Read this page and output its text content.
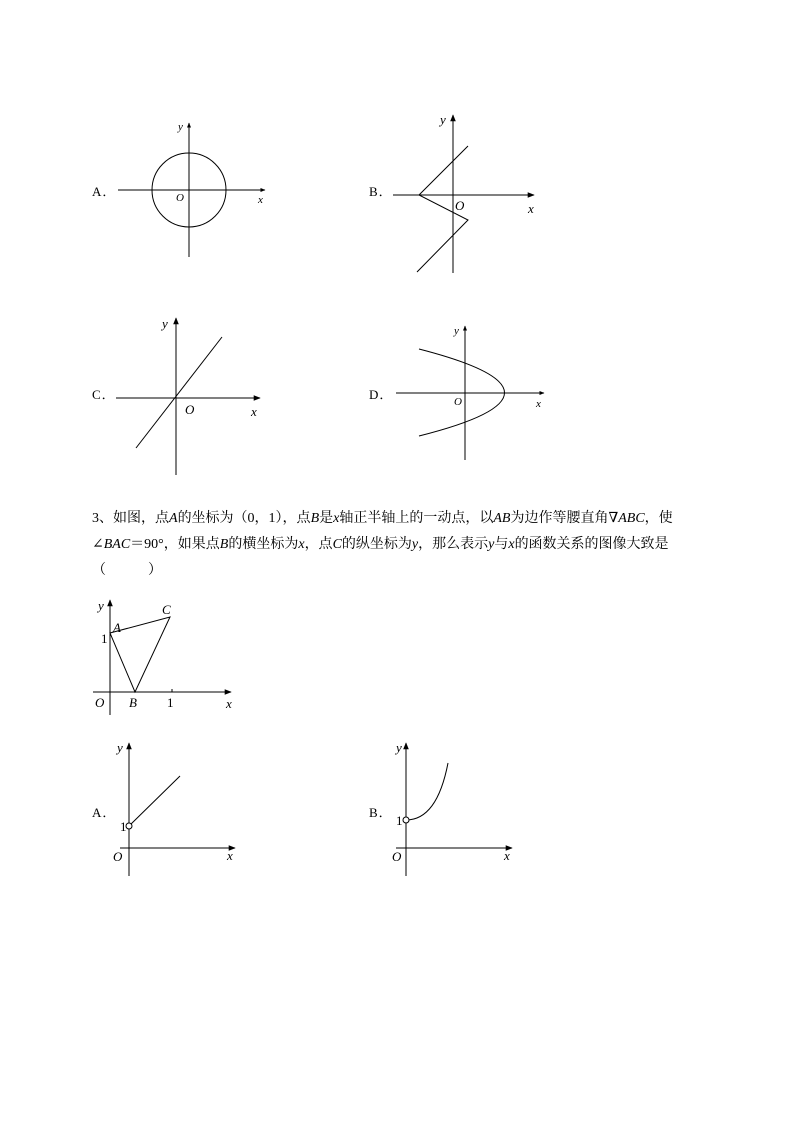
y
x
O
y
x
O
y
x
O
y
x
O
y
x
O
A
B
C
1
1
y
x
O
1
y
x
O
1
A．	B．
C．	D．
3、如图，点A的坐标为（0，1），点B是x轴正半轴上的一动点，以AB为边作等腰直角∇ABC，使
∠BAC＝90°，如果点B的横坐标为x，点C的纵坐标为y，那么表示y与x的函数关系的图像大致是
（　　　）
A．	B．
